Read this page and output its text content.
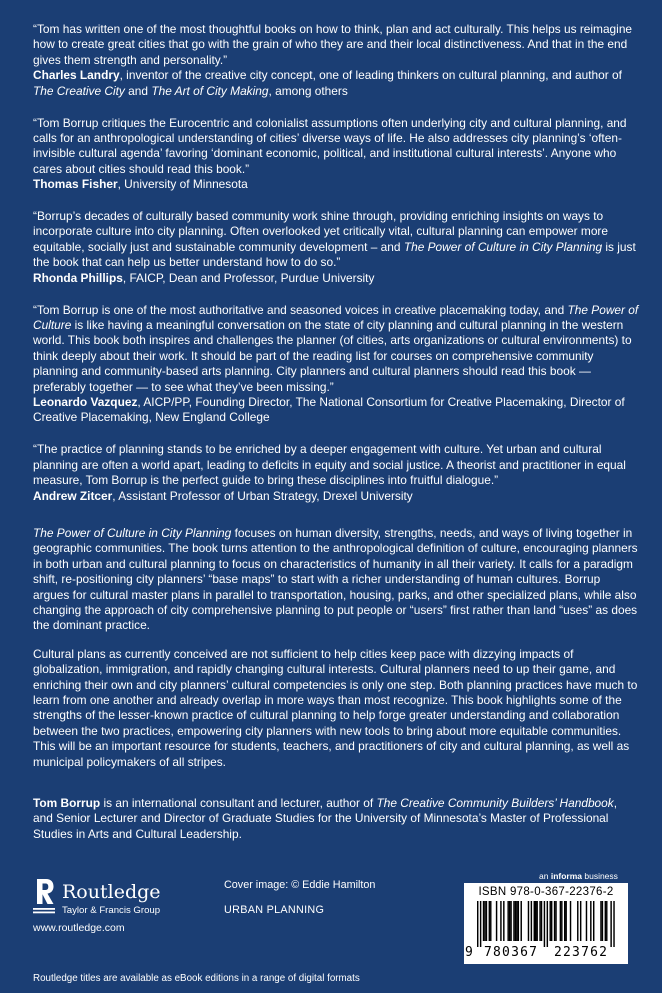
“Tom has written one of the most thoughtful books on how to think, plan and act culturally. This helps us reimagine how to create great cities that go with the grain of who they are and their local distinctiveness. And that in the end gives them strength and personality.”

Charles Landry, inventor of the creative city concept, one of leading thinkers on cultural planning, and author of The Creative City and The Art of City Making, among others

“Tom Borrup critiques the Eurocentric and colonialist assumptions often underlying city and cultural planning, and calls for an anthropological understanding of cities’ diverse ways of life. He also addresses city planning’s ‘often-invisible cultural agenda’ favoring ‘dominant economic, political, and institutional cultural interests’. Anyone who cares about cities should read this book.”

Thomas Fisher, University of Minnesota

“Borrup’s decades of culturally based community work shine through, providing enriching insights on ways to incorporate culture into city planning. Often overlooked yet critically vital, cultural planning can empower more equitable, socially just and sustainable community development – and The Power of Culture in City Planning is just the book that can help us better understand how to do so.”

Rhonda Phillips, FAICP, Dean and Professor, Purdue University

“Tom Borrup is one of the most authoritative and seasoned voices in creative placemaking today, and The Power of Culture is like having a meaningful conversation on the state of city planning and cultural planning in the western world. This book both inspires and challenges the planner (of cities, arts organizations or cultural environments) to think deeply about their work. It should be part of the reading list for courses on comprehensive community planning and community-based arts planning. City planners and cultural planners should read this book — preferably together — to see what they’ve been missing.”

Leonardo Vazquez, AICP/PP, Founding Director, The National Consortium for Creative Placemaking, Director of Creative Placemaking, New England College

“The practice of planning stands to be enriched by a deeper engagement with culture. Yet urban and cultural planning are often a world apart, leading to deficits in equity and social justice. A theorist and practitioner in equal measure, Tom Borrup is the perfect guide to bring these disciplines into fruitful dialogue.”

Andrew Zitcer, Assistant Professor of Urban Strategy, Drexel University

The Power of Culture in City Planning focuses on human diversity, strengths, needs, and ways of living together in geographic communities. The book turns attention to the anthropological definition of culture, encouraging planners in both urban and cultural planning to focus on characteristics of humanity in all their variety. It calls for a paradigm shift, re-positioning city planners’ “base maps” to start with a richer understanding of human cultures. Borrup argues for cultural master plans in parallel to transportation, housing, parks, and other specialized plans, while also changing the approach of city comprehensive planning to put people or “users” first rather than land “uses” as does the dominant practice.

Cultural plans as currently conceived are not sufficient to help cities keep pace with dizzying impacts of globalization, immigration, and rapidly changing cultural interests. Cultural planners need to up their game, and enriching their own and city planners’ cultural competencies is only one step. Both planning practices have much to learn from one another and already overlap in more ways than most recognize. This book highlights some of the strengths of the lesser-known practice of cultural planning to help forge greater understanding and collaboration between the two practices, empowering city planners with new tools to bring about more equitable communities. This will be an important resource for students, teachers, and practitioners of city and cultural planning, as well as municipal policymakers of all stripes.

Tom Borrup is an international consultant and lecturer, author of The Creative Community Builders’ Handbook, and Senior Lecturer and Director of Graduate Studies for the University of Minnesota’s Master of Professional Studies in Arts and Cultural Leadership.

Routledge
Taylor & Francis Group
www.routledge.com
Cover image: © Eddie Hamilton
URBAN PLANNING
an informa business
ISBN 978-0-367-22376-2
9 780367 223762
Routledge titles are available as eBook editions in a range of digital formats
